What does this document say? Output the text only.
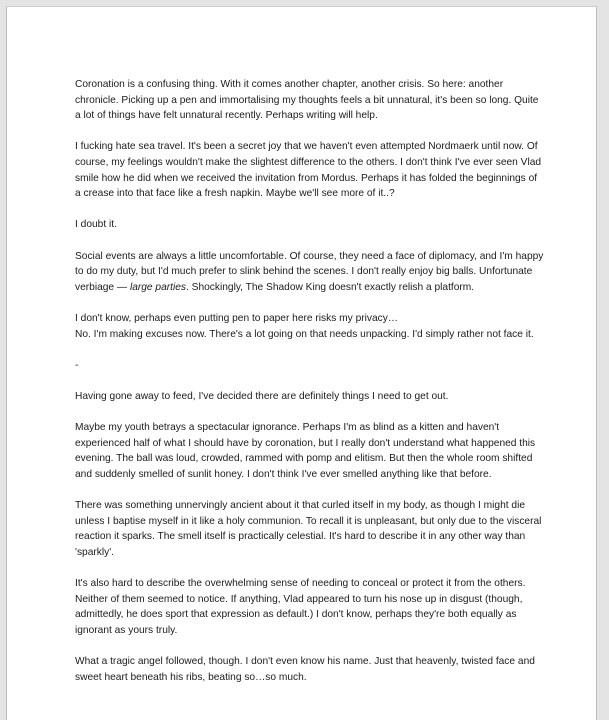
Coronation is a confusing thing. With it comes another chapter, another crisis. So here: another chronicle. Picking up a pen and immortalising my thoughts feels a bit unnatural, it's been so long. Quite a lot of things have felt unnatural recently. Perhaps writing will help.

I fucking hate sea travel. It's been a secret joy that we haven't even attempted Nordmaerk until now. Of course, my feelings wouldn't make the slightest difference to the others. I don't think I've ever seen Vlad smile how he did when we received the invitation from Mordus. Perhaps it has folded the beginnings of a crease into that face like a fresh napkin. Maybe we'll see more of it..?

I doubt it.

Social events are always a little uncomfortable. Of course, they need a face of diplomacy, and I'm happy to do my duty, but I'd much prefer to slink behind the scenes. I don't really enjoy big balls. Unfortunate verbiage — large parties. Shockingly, The Shadow King doesn't exactly relish a platform.

I don't know, perhaps even putting pen to paper here risks my privacy…
No. I'm making excuses now. There's a lot going on that needs unpacking. I'd simply rather not face it.

-

Having gone away to feed, I've decided there are definitely things I need to get out.

Maybe my youth betrays a spectacular ignorance. Perhaps I'm as blind as a kitten and haven't experienced half of what I should have by coronation, but I really don't understand what happened this evening. The ball was loud, crowded, rammed with pomp and elitism. But then the whole room shifted and suddenly smelled of sunlit honey. I don't think I've ever smelled anything like that before.

There was something unnervingly ancient about it that curled itself in my body, as though I might die unless I baptise myself in it like a holy communion. To recall it is unpleasant, but only due to the visceral reaction it sparks. The smell itself is practically celestial. It's hard to describe it in any other way than 'sparkly'.

It's also hard to describe the overwhelming sense of needing to conceal or protect it from the others. Neither of them seemed to notice. If anything, Vlad appeared to turn his nose up in disgust (though, admittedly, he does sport that expression as default.) I don't know, perhaps they're both equally as ignorant as yours truly.

What a tragic angel followed, though. I don't even know his name. Just that heavenly, twisted face and sweet heart beneath his ribs, beating so…so much.
